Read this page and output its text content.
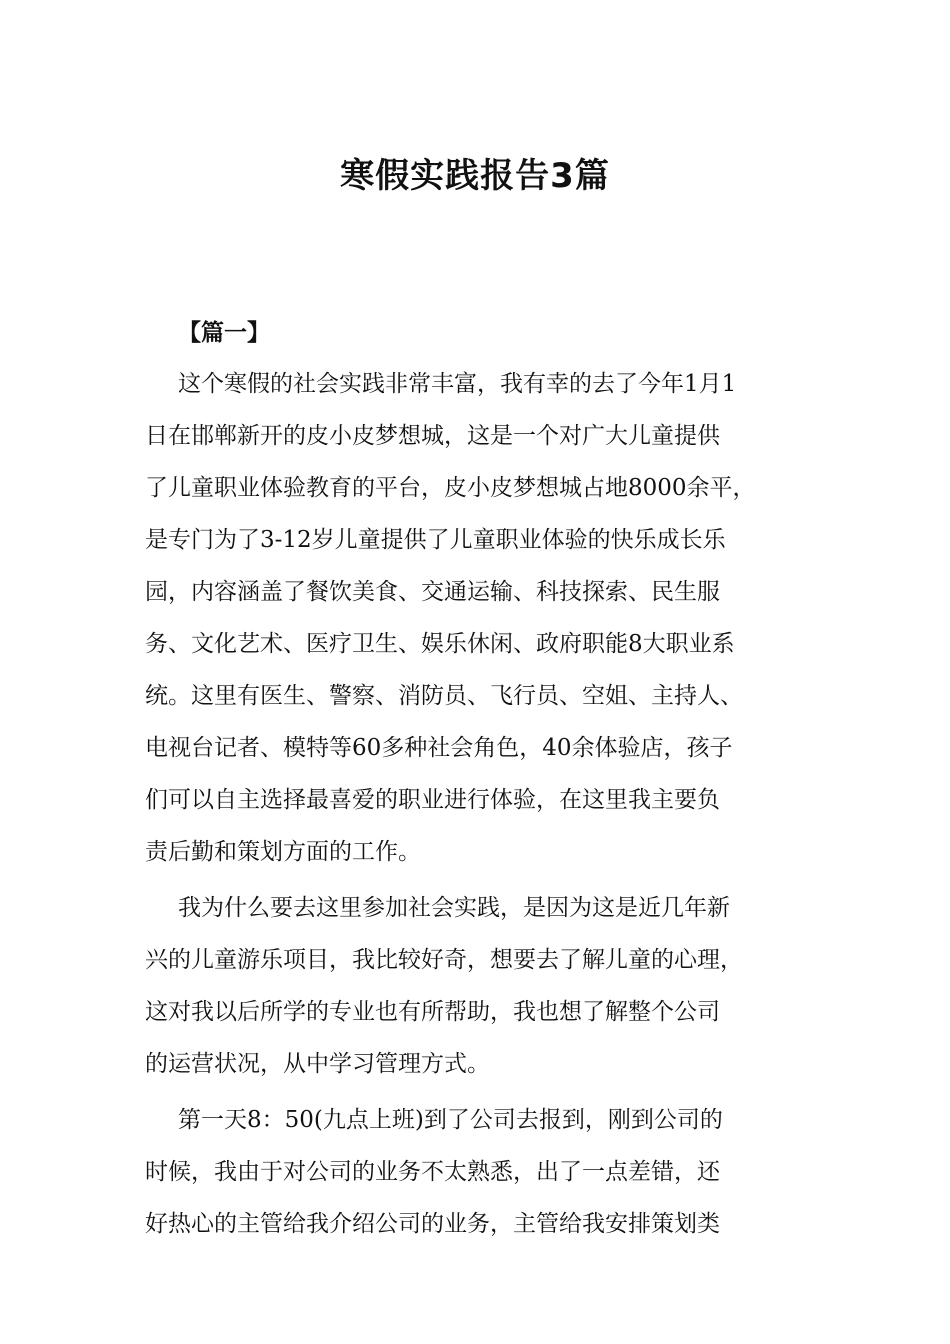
寒假实践报告3篇
【篇一】
这个寒假的社会实践非常丰富，我有幸的去了今年1月1
日在邯郸新开的皮小皮梦想城，这是一个对广大儿童提供
了儿童职业体验教育的平台，皮小皮梦想城占地8000余平，
是专门为了3-12岁儿童提供了儿童职业体验的快乐成长乐
园，内容涵盖了餐饮美食、交通运输、科技探索、民生服
务、文化艺术、医疗卫生、娱乐休闲、政府职能8大职业系
统。这里有医生、警察、消防员、飞行员、空姐、主持人、
电视台记者、模特等60多种社会角色，40余体验店，孩子
们可以自主选择最喜爱的职业进行体验，在这里我主要负
责后勤和策划方面的工作。
我为什么要去这里参加社会实践，是因为这是近几年新
兴的儿童游乐项目，我比较好奇，想要去了解儿童的心理，
这对我以后所学的专业也有所帮助，我也想了解整个公司
的运营状况，从中学习管理方式。
第一天8：50(九点上班)到了公司去报到，刚到公司的
时候，我由于对公司的业务不太熟悉，出了一点差错，还
好热心的主管给我介绍公司的业务，主管给我安排策划类
